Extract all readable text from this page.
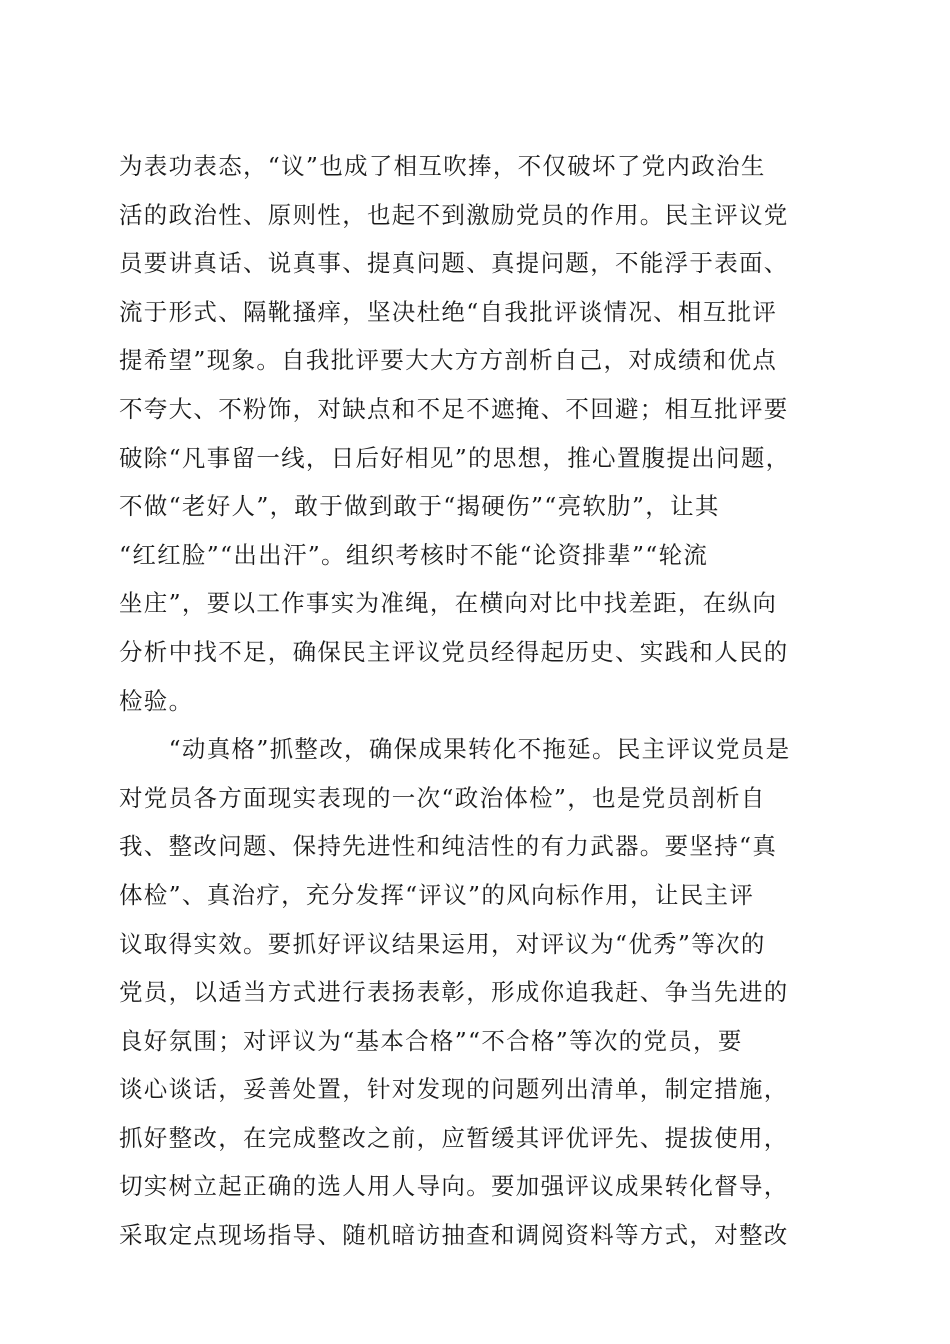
为表功表态，“议”也成了相互吹捧，不仅破坏了党内政治生
活的政治性、原则性，也起不到激励党员的作用。民主评议党
员要讲真话、说真事、提真问题、真提问题，不能浮于表面、
流于形式、隔靴搔痒，坚决杜绝“自我批评谈情况、相互批评
提希望”现象。自我批评要大大方方剖析自己，对成绩和优点
不夸大、不粉饰，对缺点和不足不遮掩、不回避；相互批评要
破除“凡事留一线，日后好相见”的思想，推心置腹提出问题，
不做“老好人”，敢于做到敢于“揭硬伤”“亮软肋”，让其
“红红脸”“出出汗”。组织考核时不能“论资排辈”“轮流
坐庄”，要以工作事实为准绳，在横向对比中找差距，在纵向
分析中找不足，确保民主评议党员经得起历史、实践和人民的
检验。
　　“动真格”抓整改，确保成果转化不拖延。民主评议党员是
对党员各方面现实表现的一次“政治体检”，也是党员剖析自
我、整改问题、保持先进性和纯洁性的有力武器。要坚持“真
体检”、真治疗，充分发挥“评议”的风向标作用，让民主评
议取得实效。要抓好评议结果运用，对评议为“优秀”等次的
党员，以适当方式进行表扬表彰，形成你追我赶、争当先进的
良好氛围；对评议为“基本合格”“不合格”等次的党员，要
谈心谈话，妥善处置，针对发现的问题列出清单，制定措施，
抓好整改，在完成整改之前，应暂缓其评优评先、提拔使用，
切实树立起正确的选人用人导向。要加强评议成果转化督导，
采取定点现场指导、随机暗访抽查和调阅资料等方式，对整改
